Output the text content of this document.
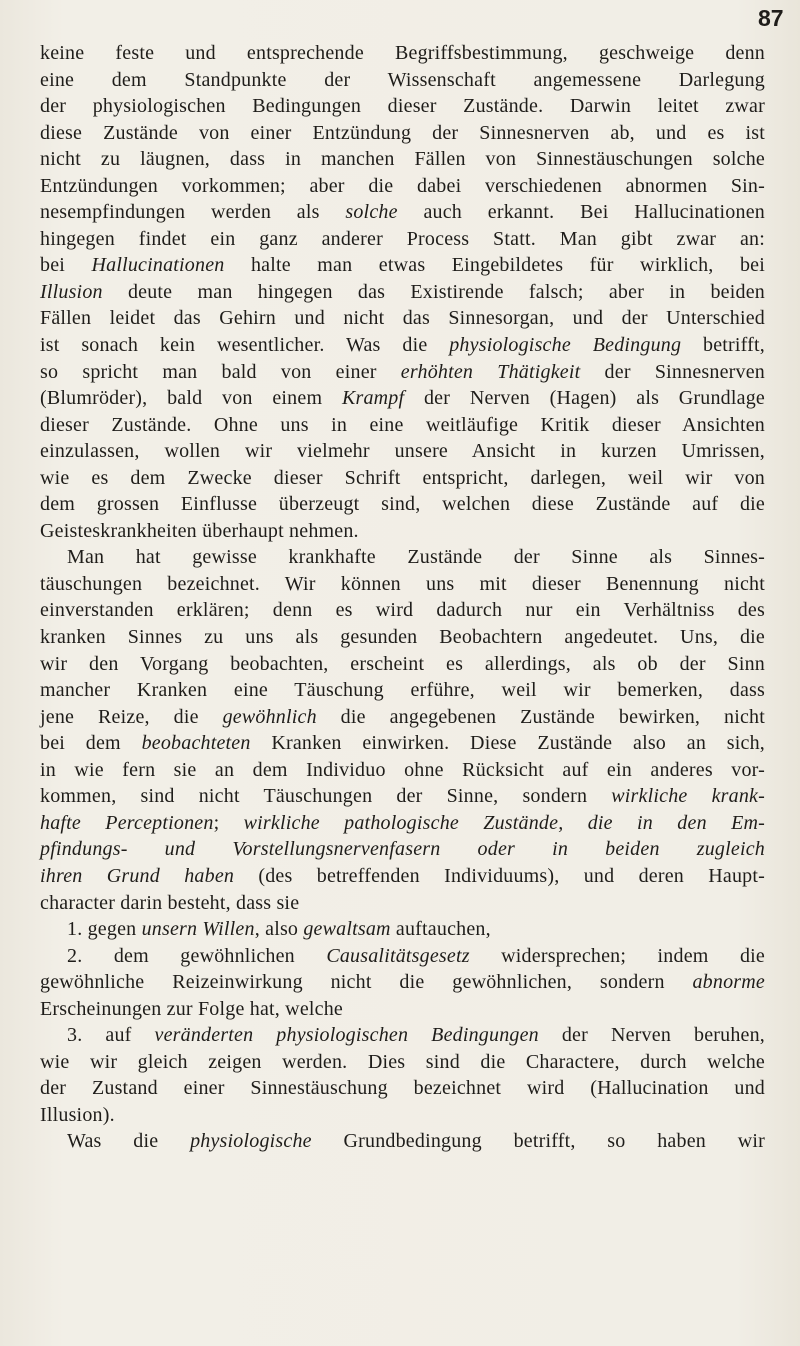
87
keine feste und entsprechende Begriffsbestimmung, geschweige denn
eine dem Standpunkte der Wissenschaft angemessene Darlegung
der physiologischen Bedingungen dieser Zustände. Darwin leitet zwar
diese Zustände von einer Entzündung der Sinnesnerven ab, und es ist
nicht zu läugnen, dass in manchen Fällen von Sinnestäuschungen solche
Entzündungen vorkommen; aber die dabei verschiedenen abnormen Sin-
nesempfindungen werden als solche auch erkannt. Bei Hallucinationen
hingegen findet ein ganz anderer Process Statt. Man gibt zwar an:
bei Hallucinationen halte man etwas Eingebildetes für wirklich, bei
Illusion deute man hingegen das Existirende falsch; aber in beiden
Fällen leidet das Gehirn und nicht das Sinnesorgan, und der Unterschied
ist sonach kein wesentlicher. Was die physiologische Bedingung betrifft,
so spricht man bald von einer erhöhten Thätigkeit der Sinnesnerven
(Blumröder), bald von einem Krampf der Nerven (Hagen) als Grundlage
dieser Zustände. Ohne uns in eine weitläufige Kritik dieser Ansichten
einzulassen, wollen wir vielmehr unsere Ansicht in kurzen Umrissen,
wie es dem Zwecke dieser Schrift entspricht, darlegen, weil wir von
dem grossen Einflusse überzeugt sind, welchen diese Zustände auf die
Geisteskrankheiten überhaupt nehmen.
Man hat gewisse krankhafte Zustände der Sinne als Sinnes-
täuschungen bezeichnet. Wir können uns mit dieser Benennung nicht
einverstanden erklären; denn es wird dadurch nur ein Verhältniss des
kranken Sinnes zu uns als gesunden Beobachtern angedeutet. Uns, die
wir den Vorgang beobachten, erscheint es allerdings, als ob der Sinn
mancher Kranken eine Täuschung erführe, weil wir bemerken, dass
jene Reize, die gewöhnlich die angegebenen Zustände bewirken, nicht
bei dem beobachteten Kranken einwirken. Diese Zustände also an sich,
in wie fern sie an dem Individuo ohne Rücksicht auf ein anderes vor-
kommen, sind nicht Täuschungen der Sinne, sondern wirkliche krank-
hafte Perceptionen; wirkliche pathologische Zustände, die in den Em-
pfindungs- und Vorstellungsnervenfasern oder in beiden zugleich
ihren Grund haben (des betreffenden Individuums), und deren Haupt-
character darin besteht, dass sie
1. gegen unsern Willen, also gewaltsam auftauchen,
2. dem gewöhnlichen Causalitätsgesetz widersprechen; indem die
gewöhnliche Reizeinwirkung nicht die gewöhnlichen, sondern abnorme
Erscheinungen zur Folge hat, welche
3. auf veränderten physiologischen Bedingungen der Nerven beruhen,
wie wir gleich zeigen werden. Dies sind die Charactere, durch welche
der Zustand einer Sinnestäuschung bezeichnet wird (Hallucination und
Illusion).
Was die physiologische Grundbedingung betrifft, so haben wir
